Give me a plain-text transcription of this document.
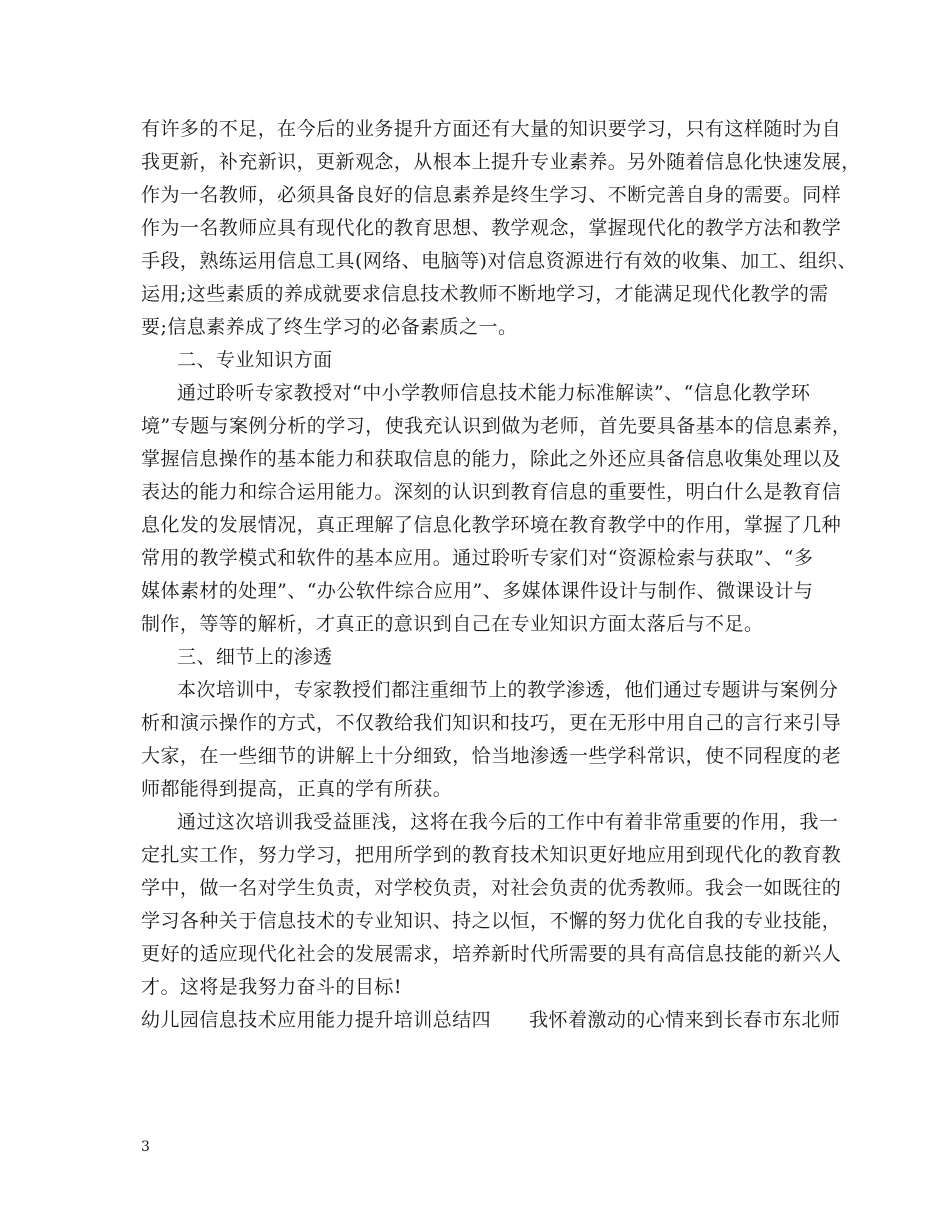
有许多的不足，在今后的业务提升方面还有大量的知识要学习，只有这样随时为自
我更新，补充新识，更新观念，从根本上提升专业素养。另外随着信息化快速发展，
作为一名教师，必须具备良好的信息素养是终生学习、不断完善自身的需要。同样
作为一名教师应具有现代化的教育思想、教学观念，掌握现代化的教学方法和教学
手段，熟练运用信息工具(网络、电脑等)对信息资源进行有效的收集、加工、组织、
运用;这些素质的养成就要求信息技术教师不断地学习，才能满足现代化教学的需
要;信息素养成了终生学习的必备素质之一。
二、专业知识方面
通过聆听专家教授对“中小学教师信息技术能力标准解读”、“信息化教学环
境”专题与案例分析的学习，使我充认识到做为老师，首先要具备基本的信息素养，
掌握信息操作的基本能力和获取信息的能力，除此之外还应具备信息收集处理以及
表达的能力和综合运用能力。深刻的认识到教育信息的重要性，明白什么是教育信
息化发的发展情况，真正理解了信息化教学环境在教育教学中的作用，掌握了几种
常用的教学模式和软件的基本应用。通过聆听专家们对“资源检索与获取”、“多
媒体素材的处理”、“办公软件综合应用”、多媒体课件设计与制作、微课设计与
制作，等等的解析，才真正的意识到自己在专业知识方面太落后与不足。
三、细节上的渗透
本次培训中，专家教授们都注重细节上的教学渗透，他们通过专题讲与案例分
析和演示操作的方式，不仅教给我们知识和技巧，更在无形中用自己的言行来引导
大家，在一些细节的讲解上十分细致，恰当地渗透一些学科常识，使不同程度的老
师都能得到提高，正真的学有所获。
通过这次培训我受益匪浅，这将在我今后的工作中有着非常重要的作用，我一
定扎实工作，努力学习，把用所学到的教育技术知识更好地应用到现代化的教育教
学中，做一名对学生负责，对学校负责，对社会负责的优秀教师。我会一如既往的
学习各种关于信息技术的专业知识、持之以恒，不懈的努力优化自我的专业技能，
更好的适应现代化社会的发展需求，培养新时代所需要的具有高信息技能的新兴人
才。这将是我努力奋斗的目标!
幼儿园信息技术应用能力提升培训总结四 我怀着激动的心情来到长春市东北师
3
